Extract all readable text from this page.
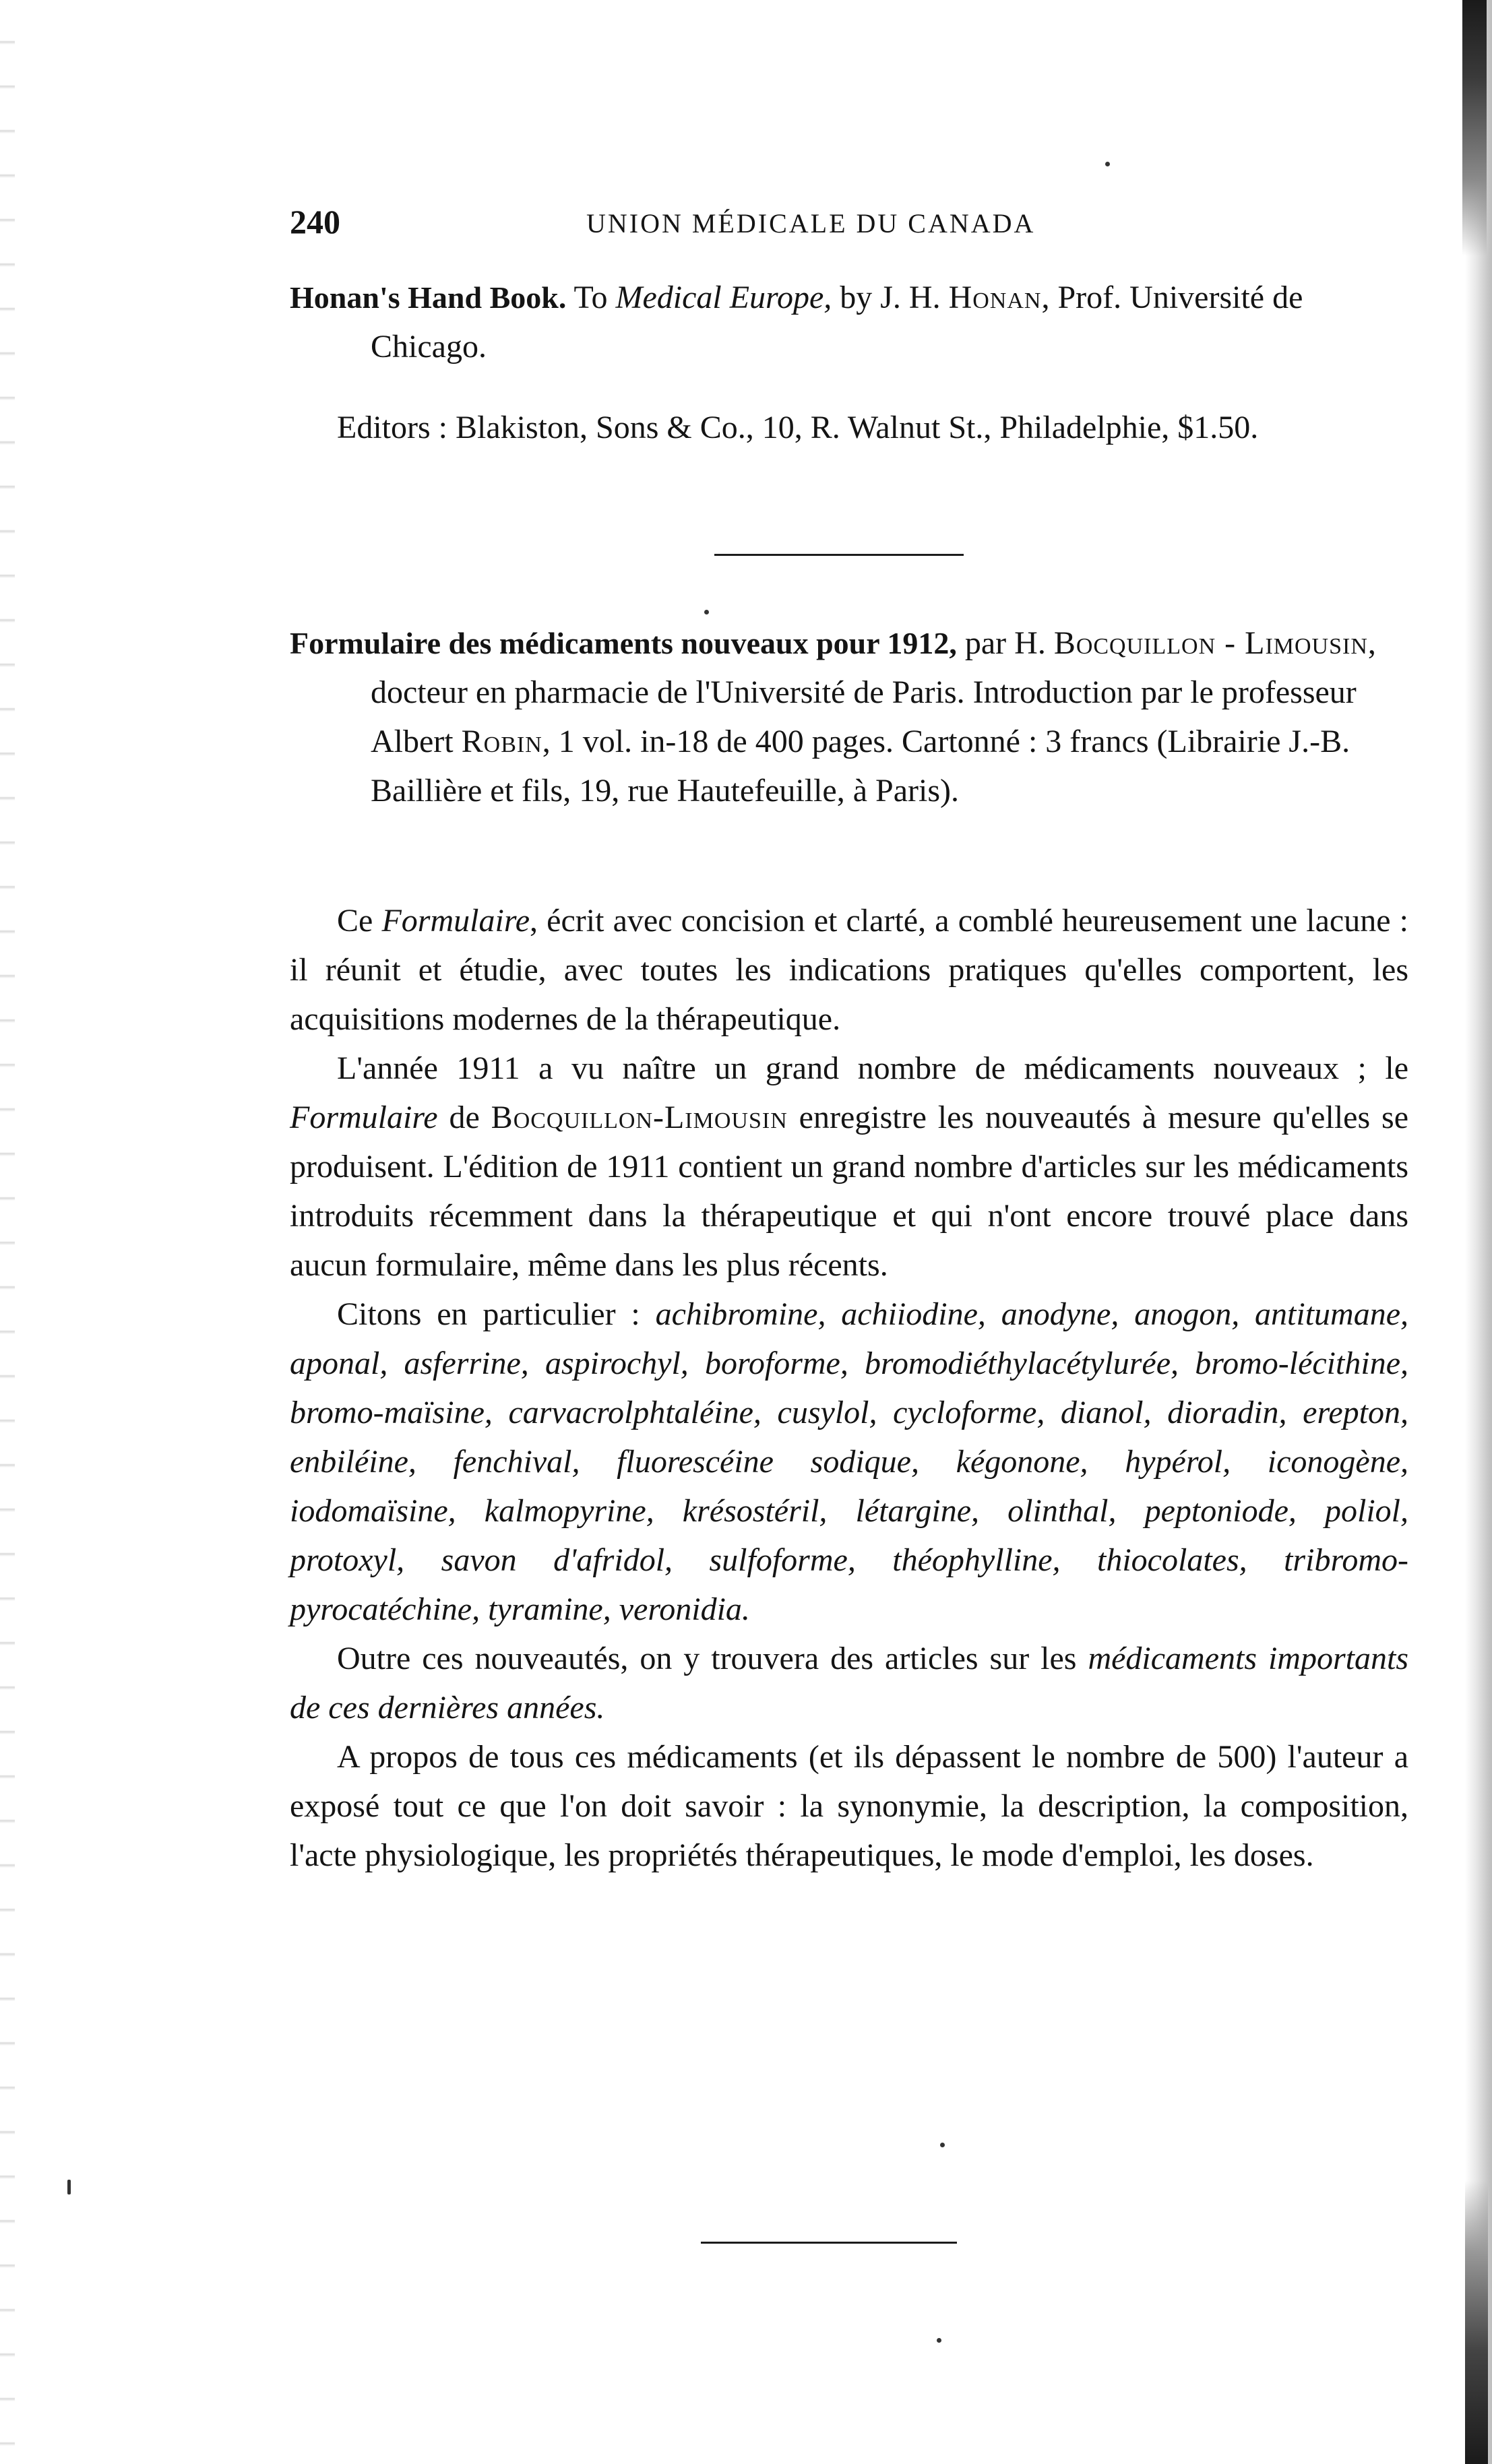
240	UNION MÉDICALE DU CANADA

Honan's Hand Book. To Medical Europe, by J. H. Honan, Prof. Université de Chicago.

Editors : Blakiston, Sons & Co., 10, R. Walnut St., Philadelphie, $1.50.

Formulaire des médicaments nouveaux pour 1912, par H. Bocquillon - Limousin, docteur en pharmacie de l'Université de Paris. Introduction par le professeur Albert Robin, 1 vol. in-18 de 400 pages. Cartonné : 3 francs (Librairie J.-B. Baillière et fils, 19, rue Hautefeuille, à Paris).

Ce Formulaire, écrit avec concision et clarté, a comblé heureusement une lacune : il réunit et étudie, avec toutes les indications pratiques qu'elles comportent, les acquisitions modernes de la thérapeutique.

L'année 1911 a vu naître un grand nombre de médicaments nouveaux ; le Formulaire de Bocquillon-Limousin enregistre les nouveautés à mesure qu'elles se produisent. L'édition de 1911 contient un grand nombre d'articles sur les médicaments introduits récemment dans la thérapeutique et qui n'ont encore trouvé place dans aucun formulaire, même dans les plus récents.

Citons en particulier : achibromine, achiiodine, anodyne, anogon, antitumane, aponal, asferrine, aspirochyl, boroforme, bromodiéthylacétylurée, bromo-lécithine, bromo-maïsine, carvacrolphtaléine, cusylol, cycloforme, dianol, dioradin, erepton, enbiléine, fenchival, fluorescéine sodique, kégonone, hypérol, iconogène, iodomaïsine, kalmopyrine, krésostéril, létargine, olinthal, peptoniode, poliol, protoxyl, savon d'afridol, sulfoforme, théophylline, thiocolates, tribromo- pyrocatéchine, tyramine, veronidia.

Outre ces nouveautés, on y trouvera des articles sur les médicaments importants de ces dernières années.

A propos de tous ces médicaments (et ils dépassent le nombre de 500) l'auteur a exposé tout ce que l'on doit savoir : la synonymie, la description, la composition, l'acte physiologique, les propriétés thérapeutiques, le mode d'emploi, les doses.
